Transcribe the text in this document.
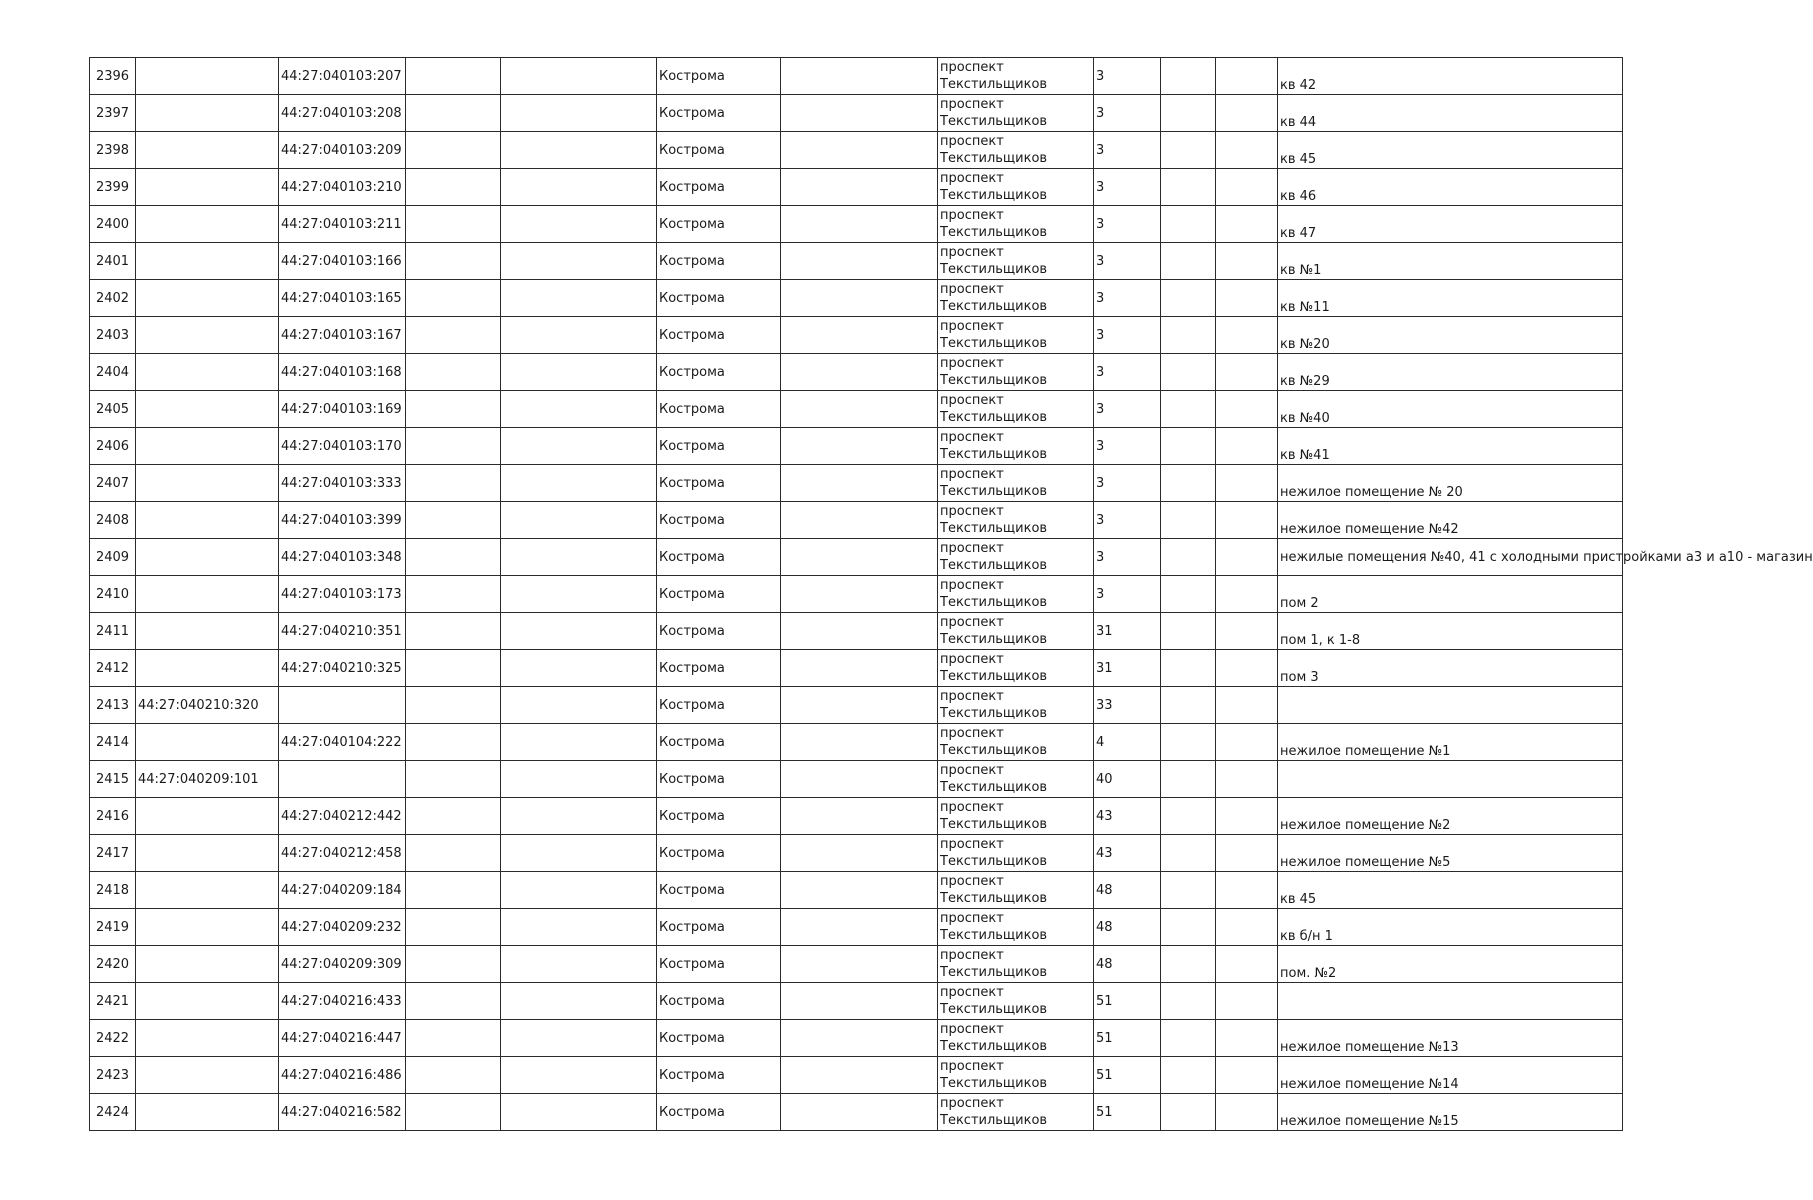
2396		44:27:040103:207			Кострома		проспект
Текстильщиков	3			кв 42
2397		44:27:040103:208			Кострома		проспект
Текстильщиков	3			кв 44
2398		44:27:040103:209			Кострома		проспект
Текстильщиков	3			кв 45
2399		44:27:040103:210			Кострома		проспект
Текстильщиков	3			кв 46
2400		44:27:040103:211			Кострома		проспект
Текстильщиков	3			кв 47
2401		44:27:040103:166			Кострома		проспект
Текстильщиков	3			кв №1
2402		44:27:040103:165			Кострома		проспект
Текстильщиков	3			кв №11
2403		44:27:040103:167			Кострома		проспект
Текстильщиков	3			кв №20
2404		44:27:040103:168			Кострома		проспект
Текстильщиков	3			кв №29
2405		44:27:040103:169			Кострома		проспект
Текстильщиков	3			кв №40
2406		44:27:040103:170			Кострома		проспект
Текстильщиков	3			кв №41
2407		44:27:040103:333			Кострома		проспект
Текстильщиков	3			нежилое помещение № 20
2408		44:27:040103:399			Кострома		проспект
Текстильщиков	3			нежилое помещение №42
2409		44:27:040103:348			Кострома		проспект
Текстильщиков	3			нежилые помещения №40, 41 с холодными пристройками а3 и а10 - магазин
2410		44:27:040103:173			Кострома		проспект
Текстильщиков	3			пом 2
2411		44:27:040210:351			Кострома		проспект
Текстильщиков	31			пом 1, к 1-8
2412		44:27:040210:325			Кострома		проспект
Текстильщиков	31			пом 3
2413	44:27:040210:320				Кострома		проспект
Текстильщиков	33			
2414		44:27:040104:222			Кострома		проспект
Текстильщиков	4			нежилое помещение №1
2415	44:27:040209:101				Кострома		проспект
Текстильщиков	40			
2416		44:27:040212:442			Кострома		проспект
Текстильщиков	43			нежилое помещение №2
2417		44:27:040212:458			Кострома		проспект
Текстильщиков	43			нежилое помещение №5
2418		44:27:040209:184			Кострома		проспект
Текстильщиков	48			кв 45
2419		44:27:040209:232			Кострома		проспект
Текстильщиков	48			кв б/н 1
2420		44:27:040209:309			Кострома		проспект
Текстильщиков	48			пом. №2
2421		44:27:040216:433			Кострома		проспект
Текстильщиков	51			
2422		44:27:040216:447			Кострома		проспект
Текстильщиков	51			нежилое помещение №13
2423		44:27:040216:486			Кострома		проспект
Текстильщиков	51			нежилое помещение №14
2424		44:27:040216:582			Кострома		проспект
Текстильщиков	51			нежилое помещение №15
